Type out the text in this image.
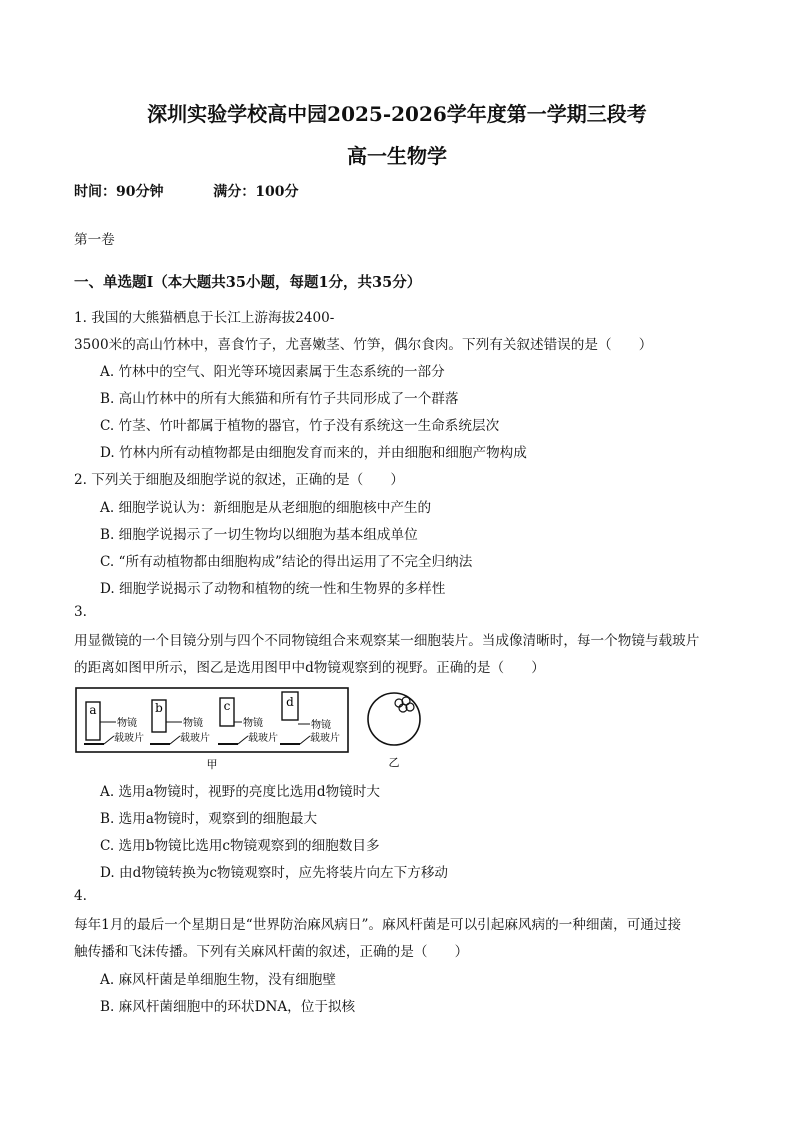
深圳实验学校高中园2025-2026学年度第一学期三段考
高一生物学
时间：90分钟	满分：100分
第一卷
一、单选题Ⅰ（本大题共35小题，每题1分，共35分）
1. 我国的大熊猫栖息于长江上游海拔2400-
3500米的高山竹林中，喜食竹子，尤喜嫩茎、竹笋，偶尔食肉。下列有关叙述错误的是（　　）
A. 竹林中的空气、阳光等环境因素属于生态系统的一部分
B. 高山竹林中的所有大熊猫和所有竹子共同形成了一个群落
C. 竹茎、竹叶都属于植物的器官，竹子没有系统这一生命系统层次
D. 竹林内所有动植物都是由细胞发育而来的，并由细胞和细胞产物构成
2. 下列关于细胞及细胞学说的叙述，正确的是（　　）
A. 细胞学说认为：新细胞是从老细胞的细胞核中产生的
B. 细胞学说揭示了一切生物均以细胞为基本组成单位
C. “所有动植物都由细胞构成”结论的得出运用了不完全归纳法
D. 细胞学说揭示了动物和植物的统一性和生物界的多样性
3.
用显微镜的一个目镜分别与四个不同物镜组合来观察某一细胞装片。当成像清晰时，每一个物镜与载玻片
的距离如图甲所示，图乙是选用图甲中d物镜观察到的视野。正确的是（　　）
a
物镜
载玻片
b
物镜
载玻片
c
物镜
载玻片
d
物镜
载玻片
甲	乙
A. 选用a物镜时，视野的亮度比选用d物镜时大
B. 选用a物镜时，观察到的细胞最大
C. 选用b物镜比选用c物镜观察到的细胞数目多
D. 由d物镜转换为c物镜观察时，应先将装片向左下方移动
4.
每年1月的最后一个星期日是“世界防治麻风病日”。麻风杆菌是可以引起麻风病的一种细菌，可通过接
触传播和飞沫传播。下列有关麻风杆菌的叙述，正确的是（　　）
A. 麻风杆菌是单细胞生物，没有细胞壁
B. 麻风杆菌细胞中的环状DNA，位于拟核
